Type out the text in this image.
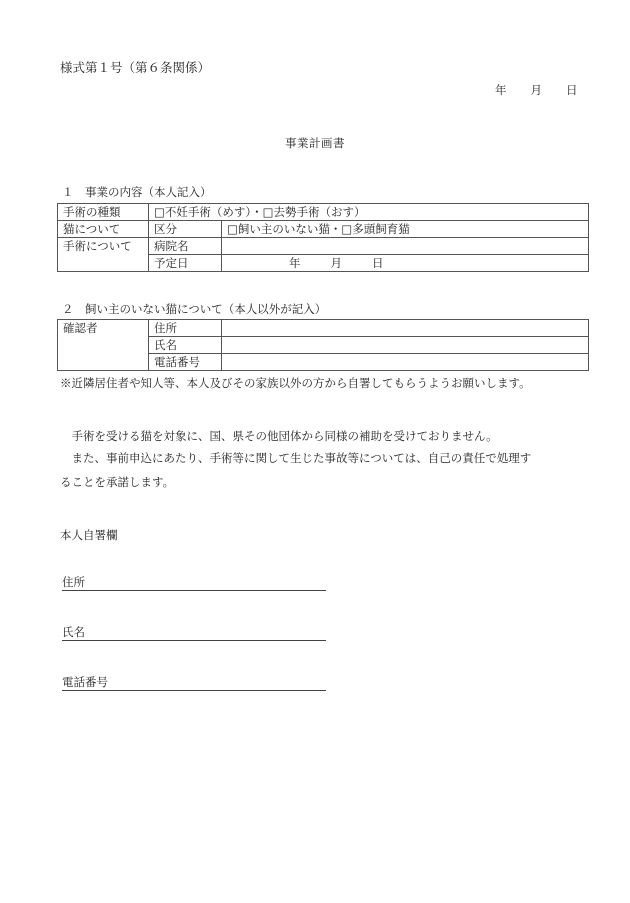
様式第１号（第６条関係）
年 月 日
事業計画書
１　事業の内容（本人記入）
手術の種類	□不妊手術（めす）・□去勢手術（おす）	
猫について	区分	□飼い主のいない猫・□多頭飼育猫
手術について	病院名	
	予定日	年 月 日
２　飼い主のいない猫について（本人以外が記入）
確認者	住所	
	氏名	
	電話番号	
※近隣居住者や知人等、本人及びその家族以外の方から自署してもらうようお願いします。
　手術を受ける猫を対象に、国、県その他団体から同様の補助を受けておりません。
　また、事前申込にあたり、手術等に関して生じた事故等については、自己の責任で処理す
ることを承諾します。
本人自署欄
住所
氏名
電話番号
